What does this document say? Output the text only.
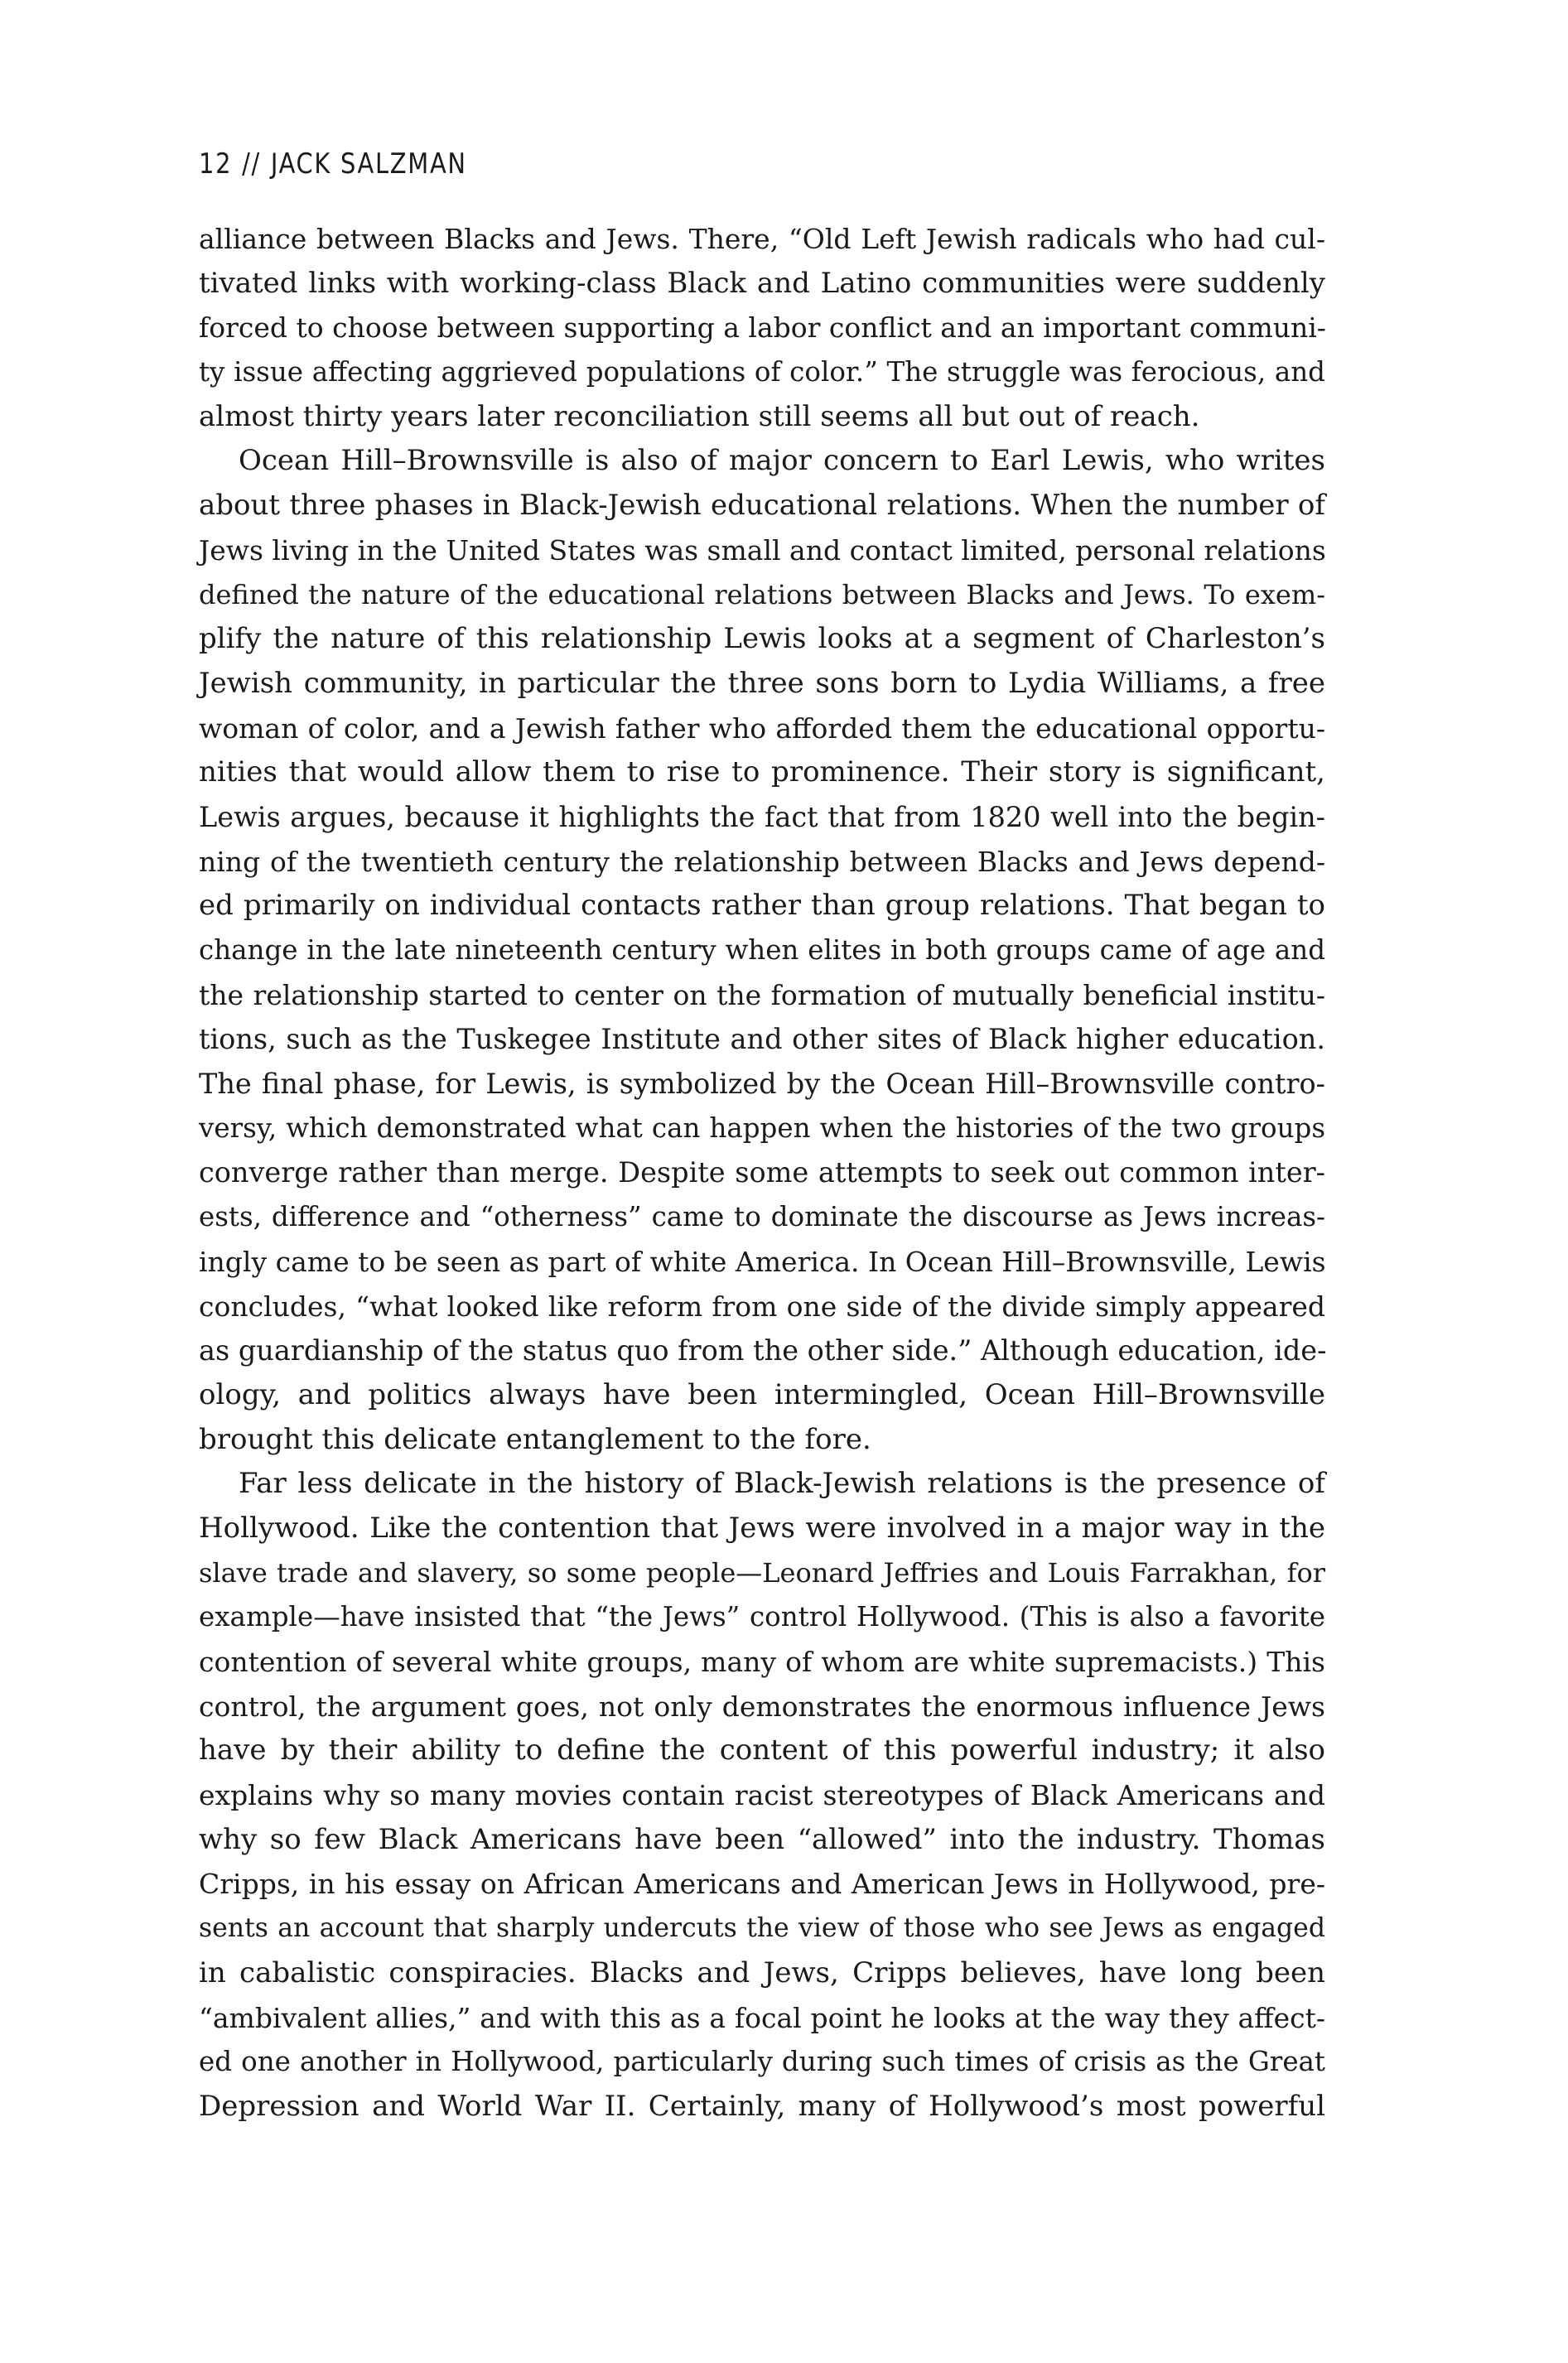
12 // JACK SALZMAN
alliance between Blacks and Jews. There, “Old Left Jewish radicals who had cul-
tivated links with working-class Black and Latino communities were suddenly
forced to choose between supporting a labor conflict and an important communi-
ty issue affecting aggrieved populations of color.” The struggle was ferocious, and
almost thirty years later reconciliation still seems all but out of reach.
Ocean Hill–Brownsville is also of major concern to Earl Lewis, who writes
about three phases in Black-Jewish educational relations. When the number of
Jews living in the United States was small and contact limited, personal relations
defined the nature of the educational relations between Blacks and Jews. To exem-
plify the nature of this relationship Lewis looks at a segment of Charleston’s
Jewish community, in particular the three sons born to Lydia Williams, a free
woman of color, and a Jewish father who afforded them the educational opportu-
nities that would allow them to rise to prominence. Their story is significant,
Lewis argues, because it highlights the fact that from 1820 well into the begin-
ning of the twentieth century the relationship between Blacks and Jews depend-
ed primarily on individual contacts rather than group relations. That began to
change in the late nineteenth century when elites in both groups came of age and
the relationship started to center on the formation of mutually beneficial institu-
tions, such as the Tuskegee Institute and other sites of Black higher education.
The final phase, for Lewis, is symbolized by the Ocean Hill–Brownsville contro-
versy, which demonstrated what can happen when the histories of the two groups
converge rather than merge. Despite some attempts to seek out common inter-
ests, difference and “otherness” came to dominate the discourse as Jews increas-
ingly came to be seen as part of white America. In Ocean Hill–Brownsville, Lewis
concludes, “what looked like reform from one side of the divide simply appeared
as guardianship of the status quo from the other side.” Although education, ide-
ology, and politics always have been intermingled, Ocean Hill–Brownsville
brought this delicate entanglement to the fore.
Far less delicate in the history of Black-Jewish relations is the presence of
Hollywood. Like the contention that Jews were involved in a major way in the
slave trade and slavery, so some people—Leonard Jeffries and Louis Farrakhan, for
example—have insisted that “the Jews” control Hollywood. (This is also a favorite
contention of several white groups, many of whom are white supremacists.) This
control, the argument goes, not only demonstrates the enormous influence Jews
have by their ability to define the content of this powerful industry; it also
explains why so many movies contain racist stereotypes of Black Americans and
why so few Black Americans have been “allowed” into the industry. Thomas
Cripps, in his essay on African Americans and American Jews in Hollywood, pre-
sents an account that sharply undercuts the view of those who see Jews as engaged
in cabalistic conspiracies. Blacks and Jews, Cripps believes, have long been
“ambivalent allies,” and with this as a focal point he looks at the way they affect-
ed one another in Hollywood, particularly during such times of crisis as the Great
Depression and World War II. Certainly, many of Hollywood’s most powerful
